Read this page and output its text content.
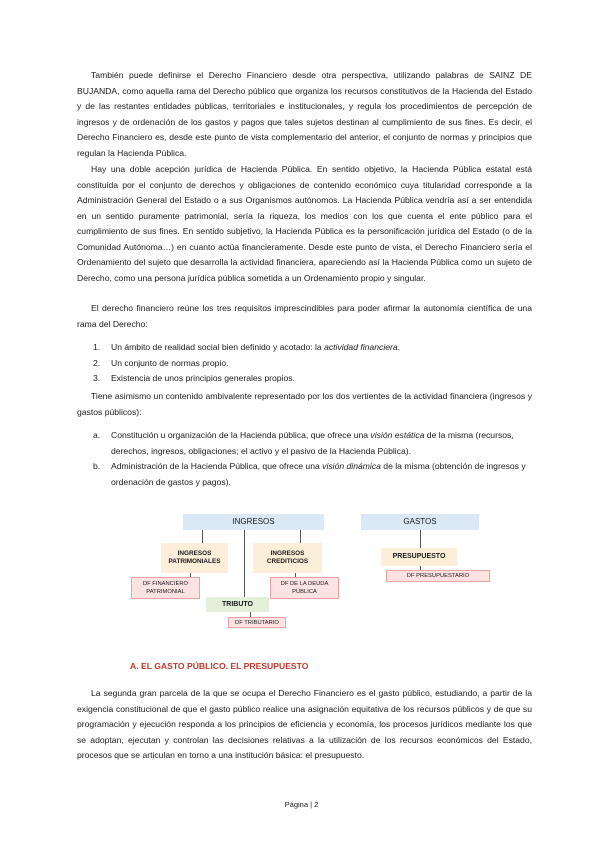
También puede definirse el Derecho Financiero desde otra perspectiva, utilizando palabras de SAINZ DE BUJANDA, como aquella rama del Derecho público que organiza los recursos constitutivos de la Hacienda del Estado y de las restantes entidades públicas, territoriales e institucionales, y regula los procedimientos de percepción de ingresos y de ordenación de los gastos y pagos que tales sujetos destinan al cumplimiento de sus fines. Es decir, el Derecho Financiero es, desde este punto de vista complementario del anterior, el conjunto de normas y principios que regulan la Hacienda Pública.

Hay una doble acepción jurídica de Hacienda Pública. En sentido objetivo, la Hacienda Pública estatal está constituida por el conjunto de derechos y obligaciones de contenido económico cuya titularidad corresponde a la Administración General del Estado o a sus Organismos autónomos. La Hacienda Pública vendría así a ser entendida en un sentido puramente patrimonial, sería la riqueza, los medios con los que cuenta el ente público para el cumplimiento de sus fines. En sentido subjetivo, la Hacienda Pública es la personificación jurídica del Estado (o de la Comunidad Autónoma…) en cuanto actúa financieramente. Desde este punto de vista, el Derecho Financiero sería el Ordenamiento del sujeto que desarrolla la actividad financiera, apareciendo así la Hacienda Pública como un sujeto de Derecho, como una persona jurídica pública sometida a un Ordenamiento propio y singular.

El derecho financiero reúne los tres requisitos imprescindibles para poder afirmar la autonomía científica de una rama del Derecho:

1. Un ámbito de realidad social bien definido y acotado: la actividad financiera.
2. Un conjunto de normas propio.
3. Existencia de unos principios generales propios.

Tiene asimismo un contenido ambivalente representado por los dos vertientes de la actividad financiera (ingresos y gastos públicos):

a. Constitución u organización de la Hacienda pública, que ofrece una visión estática de la misma (recursos, derechos, ingresos, obligaciones; el activo y el pasivo de la Hacienda Pública).
b. Administración de la Hacienda Pública, que ofrece una visión dinámica de la misma (obtención de ingresos y ordenación de gastos y pagos).
INGRESOS	GASTOS
INGRESOS
PATRIMONIALES
INGRESOS
CREDITICIOS
DF FINANCIERO
PATRIMONIAL
DF DE LA DEUDA
PÚBLICA
TRIBUTO
DF TRIBUTARIO
PRESUPUESTO
DF PRESUPUESTARIO
A. EL GASTO PÚBLICO. EL PRESUPUESTO

La segunda gran parcela de la que se ocupa el Derecho Financiero es el gasto público, estudiando, a partir de la exigencia constitucional de que el gasto público realice una asignación equitativa de los recursos públicos y de que su programación y ejecución responda a los principios de eficiencia y economía, los procesos jurídicos mediante los que se adoptan, ejecutan y controlan las decisiones relativas a la utilización de los recursos económicos del Estado, procesos que se articulan en torno a una institución básica: el presupuesto.

Página | 2
